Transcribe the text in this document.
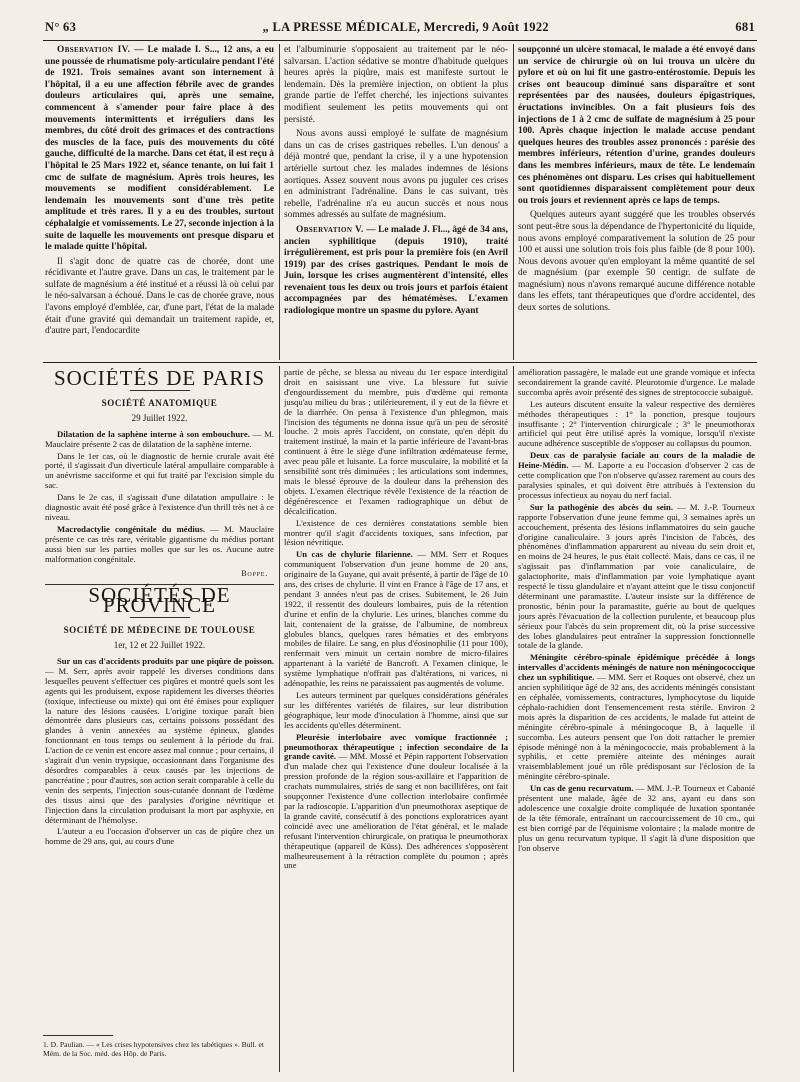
N° 63	„ LA PRESSE MÉDICALE, Mercredi, 9 Août 1922	681

Observation IV. — Le malade I. S..., 12 ans, a eu une poussée de rhumatisme poly-articulaire pendant l'été de 1921. Trois semaines avant son internement à l'hôpital, il a eu une affection fébrile avec de grandes douleurs articulaires qui, après une semaine, commencent à s'amender pour faire place à des mouvements intermittents et irréguliers dans les membres, du côté droit des grimaces et des contractions des muscles de la face, puis des mouvements du côté gauche, difficulté de la marche. Dans cet état, il est reçu à l'hôpital le 25 Mars 1922 et, séance tenante, on lui fait 1 cmc de sulfate de magnésium. Après trois heures, les mouvements se modifient considérablement. Le lendemain les mouvements sont d'une très petite amplitude et très rares. Il y a eu des troubles, surtout céphalalgie et vomissements. Le 27, seconde injection à la suite de laquelle les mouvements ont presque disparu et le malade quitte l'hôpital.

Il s'agit donc de quatre cas de chorée, dont une récidivante et l'autre grave. Dans un cas, le traitement par le sulfate de magnésium a été institué et a réussi là où celui par le néo-salvarsan a échoué. Dans le cas de chorée grave, nous l'avons employé d'emblée, car, d'une part, l'état de la malade était d'une gravité qui demandait un traitement rapide, et, d'autre part, l'endocardite

et l'albuminurie s'opposaient au traitement par le néo-salvarsan. L'action sédative se montre d'habitude quelques heures après la piqûre, mais est manifeste surtout le lendemain. Dès la première injection, on obtient la plus grande partie de l'effet cherché, les injections suivantes modifient seulement les petits mouvements qui ont persisté.

Nous avons aussi employé le sulfate de magnésium dans un cas de crises gastriques rebelles. L'un denous' a déjà montré que, pendant la crise, il y a une hypotension artérielle surtout chez les malades indemnes de lésions aortiques. Assez souvent nous avons pu juguler ces crises en administrant l'adrénaline. Dans le cas suivant, très rebelle, l'adrénaline n'a eu aucun succès et nous nous sommes adressés au sulfate de magnésium.

Observation V. — Le malade J. Fl..., âgé de 34 ans, ancien syphilitique (depuis 1910), traité irrégulièrement, est pris pour la première fois (en Avril 1919) par des crises gastriques. Pendant le mois de Juin, lorsque les crises augmentèrent d'intensité, elles revenaient tous les deux ou trois jours et parfois étaient accompagnées par des hématémèses. L'examen radiologique montre un spasme du pylore. Ayant

soupçonné un ulcère stomacal, le malade a été envoyé dans un service de chirurgie où on lui trouva un ulcère du pylore et où on lui fit une gastro-entérostomie. Depuis les crises ont beaucoup diminué sans disparaître et sont représentées par des nausées, douleurs épigastriques, éructations invincibles. On a fait plusieurs fois des injections de 1 à 2 cmc de sulfate de magnésium à 25 pour 100. Après chaque injection le malade accuse pendant quelques heures des troubles assez prononcés : parésie des membres inférieurs, rétention d'urine, grandes douleurs dans les membres inférieurs, maux de tête. Le lendemain ces phénomènes ont disparu. Les crises qui habituellement sont quotidiennes disparaissent complètement pour deux ou trois jours et reviennent après ce laps de temps.

Quelques auteurs ayant suggéré que les troubles observés sont peut-être sous la dépendance de l'hypertonicité du liquide, nous avons employé comparativement la solution de 25 pour 100 et aussi une solution trois fois plus faible (de 8 pour 100). Nous devons avouer qu'en employant la même quantité de sel de magnésium (par exemple 50 centigr. de sulfate de magnésium) nous n'avons remarqué aucune différence notable dans les effets, tant thérapeutiques que d'ordre accidentel, des deux sortes de solutions.

SOCIÉTÉS DE PARIS
SOCIÉTÉ ANATOMIQUE
29 Juillet 1922.

Dilatation de la saphène interne à son embouchure. — M. Mauclaire présente 2 cas de dilatation de la saphène interne.

Dans le 1er cas, où le diagnostic de hernie crurale avait été porté, il s'agissait d'un diverticule latéral ampullaire comparable à un anévrisme sacciforme et qui fut traité par l'excision simple du sac.

Dans le 2e cas, il s'agissait d'une dilatation ampullaire : le diagnostic avait été posé grâce à l'existence d'un thrill très net à ce niveau.

Macrodactylie congénitale du médius. — M. Mauclaire présente ce cas très rare, véritable gigantisme du médius portant aussi bien sur les parties molles que sur les os. Aucune autre malformation congénitale.

Boppe.
SOCIÉTÉS DE PROVINCE
SOCIÉTÉ DE MÉDECINE DE TOULOUSE
1er, 12 et 22 Juillet 1922.

Sur un cas d'accidents produits par une piqûre de poisson. — M. Serr, après avoir rappelé les diverses conditions dans lesquelles peuvent s'effectuer ces piqûres et montré quels sont les agents qui les produisent, expose rapidement les diverses théories (toxique, infectieuse ou mixte) qui ont été émises pour expliquer la nature des lésions causées. L'origine toxique paraît bien démontrée dans plusieurs cas, certains poissons possédant des glandes à venin annexées au système épineux, glandes fonctionnant en tous temps ou seulement à la période du frai. L'action de ce venin est encore assez mal connue ; pour certains, il s'agirait d'un venin trypsique, occasionnant dans l'organisme des désordres comparables à ceux causés par les injections de pancréatine ; pour d'autres, son action serait comparable à celle du venin des serpents, l'injection sous-cutanée donnant de l'œdème des tissus ainsi que des paralysies d'origine névritique et l'injection dans la circulation produisant la mort par asphyxie, en déterminant de l'hémolyse.

L'auteur a eu l'occasion d'observer un cas de piqûre chez un homme de 29 ans, qui, au cours d'une

1. D. Paulian. — « Les crises hypotensives chez les tabétiques ». Bull. et Mém. de la Soc. méd. des Hôp. de Paris.

partie de pêche, se blessa au niveau du 1er espace interdigital droit en saisissant une vive. La blessure fut suivie d'engourdissement du membre, puis d'œdème qui remonta jusqu'au milieu du bras ; utilérieurement, il y eut de la fièvre et de la diarrhée. On pensa à l'existence d'un phlegmon, mais l'incision des téguments ne donna issue qu'à un peu de sérosité louche. 2 mois après l'accident, on constate, qu'en dépit du traitement institué, la main et la partie inférieure de l'avant-bras continuent à être le siège d'une infiltration œdémateuse ferme, avec peau pâle et luisante. La force musculaire, la mobilité et la sensibilité sont très diminuées ; les articulations sont indemnes, mais le blessé éprouve de la douleur dans la préhension des objets. L'examen électrique révèle l'existence de la réaction de dégénérescence et l'examen radiographique un début de décalcification.

L'existence de ces dernières constatations semble bien montrer qu'il s'agit d'accidents toxiques, sans infection, par lésion névritique.

Un cas de chylurie filarienne. — MM. Serr et Roques communiquent l'observation d'un jeune homme de 20 ans, originaire de la Guyane, qui avait présenté, à partir de l'âge de 10 ans, des crises de chylurie. Il vint en France à l'âge de 17 ans, et pendant 3 années n'eut pas de crises. Subitement, le 26 Juin 1922, il ressentit des douleurs lombaires, puis de la rétention d'urine et enfin de la chylurie. Les urines, blanches comme du lait, contenaient de la graisse, de l'albumine, de nombreux globules blancs, quelques rares hématies et des embryons mobiles de filaire. Le sang, en plus d'éosinophilie (11 pour 100), renfermait vers minuit un certain nombre de micro-filaires appartenant à la variété de Bancroft. A l'examen clinique, le système lymphatique n'offrait pas d'altérations, ni varices, ni adénopathie, les reins ne paraissaient pas augmentés de volume.

Les auteurs terminent par quelques considérations générales sur les différentes variétés de filaires, sur leur distribution géographique, leur mode d'inoculation à l'homme, ainsi que sur les accidents qu'elles déterminent.

Pleurésie interlobaire avec vomique fractionnée ; pneumothorax thérapeutique ; infection secondaire de la grande cavité. — MM. Mossé et Pépin rapportent l'observation d'un malade chez qui l'existence d'une douleur localisée à la pression profonde de la région sous-axillaire et l'apparition de crachats nummulaires, striés de sang et non bacillifères, ont fait soupçonner l'existence d'une collection interlobaire confirmée par la radioscopie. L'apparition d'un pneumothorax aseptique de la grande cavité, consécutif à des ponctions exploratrices ayant coïncidé avec une amélioration de l'état général, et le malade refusant l'intervention chirurgicale, on pratiqua le pneumothorax thérapeutique (appareil de Küss). Des adhérences s'opposèrent malheureusement à la rétraction complète du poumon ; après une

amélioration passagère, le malade eut une grande vomique et infecta secondairement la grande cavité. Pleurotomie d'urgence. Le malade succomba après avoir présenté des signes de streptococcie subaiguë.

Les auteurs discutent ensuite la valeur respective des dernières méthodes thérapeutiques : 1° la ponction, presque toujours insuffisante ; 2° l'intervention chirurgicale ; 3° le pneumothorax artificiel qui peut être utilisé après la vomique, lorsqu'il n'existe aucune adhérence susceptible de s'opposer au collapsus du poumon.

Deux cas de paralysie faciale au cours de la maladie de Heine-Médin. — M. Laporte a eu l'occasion d'observer 2 cas de cette complication que l'on n'observe qu'assez rarement au cours des paralysies spinales, et qui doivent être attribués à l'extension du processus infectieux au noyau du nerf facial.

Sur la pathogénie des abcès du sein. — M. J.-P. Tourneux rapporte l'observation d'une jeune femme qui, 3 semaines après un accouchement, présenta des lésions inflammatoires du sein gauche d'origine canaliculaire. 3 jours après l'incision de l'abcès, des phénomènes d'inflammation apparurent au niveau du sein droit et, en moins de 24 heures, le pus était collecté. Mais, dans ce cas, il ne s'agissait pas d'inflammation par voie canaliculaire, de galactophorite, mais d'inflammation par voie lymphatique ayant respecté le tissu glandulaire et n'ayant atteint que le tissu conjonctif déterminant une paramastite. L'auteur insiste sur la différence de pronostic, bénin pour la paramastite, guérie au bout de quelques jours après l'évacuation de la collection purulente, et beaucoup plus sérieux pour l'abcès du sein proprement dit, où la prise successive des lobes glandulaires peut entraîner la suppression fonctionnelle totale de la glande.

Méningite cérébro-spinale épidémique précédée à longs intervalles d'accidents méningés de nature non méningococcique chez un syphilitique. — MM. Serr et Roques ont observé, chez un ancien syphilitique âgé de 32 ans, des accidents méningés consistant en céphalée, vomissements, contractures, lymphocytose du liquide céphalo-rachidien dont l'ensemencement resta stérile. Environ 2 mois après la disparition de ces accidents, le malade fut atteint de méningite cérébro-spinale à méningocoque B, à laquelle il succomba. Les auteurs pensent que l'on doit rattacher le premier épisode méningé non à la méningococcie, mais probablement à la syphilis, et cette première atteinte des méninges aurait vraisemblablement joué un rôle prédisposant sur l'éclosion de la méningite cérébro-spinale.

Un cas de genu recurvatum. — MM. J.-P. Tourneux et Cabanié présentent une malade, âgée de 32 ans, ayant eu dans son adolescence une coxalgie droite compliquée de luxation spontanée de la tête fémorale, entraînant un raccourcissement de 10 cm., qui est bien corrigé par de l'équinisme volontaire ; la malade montre de plus un genu recurvatum typique. Il s'agit là d'une disposition que l'on observe
